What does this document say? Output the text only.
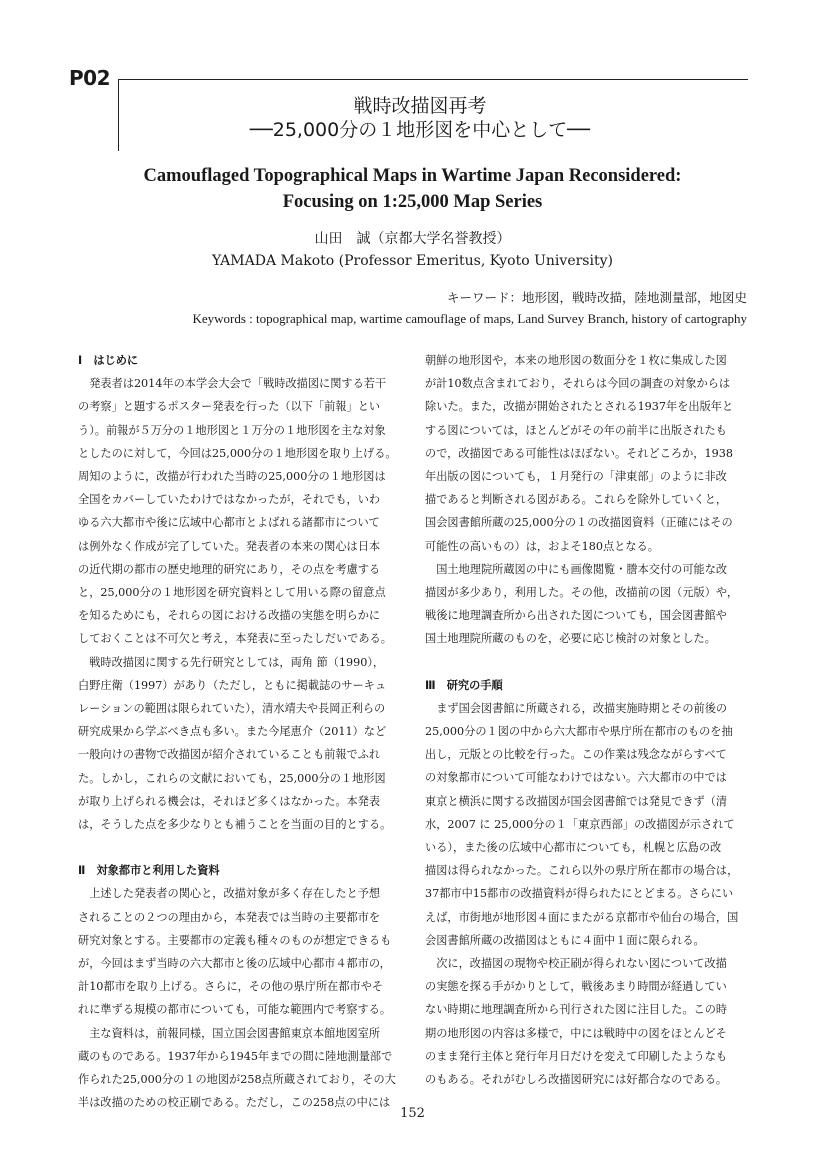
P02
戦時改描図再考
──25,000分の１地形図を中心として──
Camouflaged Topographical Maps in Wartime Japan Reconsidered:
Focusing on 1:25,000 Map Series
山田　誠（京都大学名誉教授）
YAMADA Makoto (Professor Emeritus, Kyoto University)
キーワード：地形図，戦時改描，陸地測量部，地図史
Keywords : topographical map, wartime camouflage of maps, Land Survey Branch, history of cartography
Ⅰ　はじめに

発表者は2014年の本学会大会で「戦時改描図に関する若干
の考察」と題するポスター発表を行った（以下「前報」とい
う）。前報が５万分の１地形図と１万分の１地形図を主な対象
としたのに対して，今回は25,000分の１地形図を取り上げる。
周知のように，改描が行われた当時の25,000分の１地形図は
全国をカバーしていたわけではなかったが，それでも，いわ
ゆる六大都市や後に広域中心都市とよばれる諸都市について
は例外なく作成が完了していた。発表者の本来の関心は日本
の近代期の都市の歴史地理的研究にあり，その点を考慮する
と，25,000分の１地形図を研究資料として用いる際の留意点
を知るためにも，それらの図における改描の実態を明らかに
しておくことは不可欠と考え，本発表に至ったしだいである。

戦時改描図に関する先行研究としては，両角 節（1990），
白野庄衛（1997）があり（ただし，ともに掲載誌のサーキュ
レーションの範囲は限られていた），清水靖夫や長岡正利らの
研究成果から学ぶべき点も多い。また今尾恵介（2011）など
一般向けの書物で改描図が紹介されていることも前報でふれ
た。しかし，これらの文献においても，25,000分の１地形図
が取り上げられる機会は，それほど多くはなかった。本発表
は，そうした点を多少なりとも補うことを当面の目的とする。

Ⅱ　対象都市と利用した資料

上述した発表者の関心と，改描対象が多く存在したと予想
されることの２つの理由から，本発表では当時の主要都市を
研究対象とする。主要都市の定義も種々のものが想定できるも
が，今回はまず当時の六大都市と後の広域中心都市４都市の，
計10都市を取り上げる。さらに，その他の県庁所在都市やそ
れに準ずる規模の都市についても，可能な範囲内で考察する。

主な資料は，前報同様，国立国会図書館東京本館地図室所
蔵のものである。1937年から1945年までの間に陸地測量部で
作られた25,000分の１の地図が258点所蔵されており，その大
半は改描のための校正刷である。ただし，この258点の中には

朝鮮の地形図や，本来の地形図の数面分を１枚に集成した図
が計10数点含まれており，それらは今回の調査の対象からは
除いた。また，改描が開始されたとされる1937年を出版年と
する図については，ほとんどがその年の前半に出版されたも
ので，改描図である可能性はほぼない。それどころか，1938
年出版の図についても，１月発行の「津東部」のように非改
描であると判断される図がある。これらを除外していくと，
国会図書館所蔵の25,000分の１の改描図資料（正確にはその
可能性の高いもの）は，およそ180点となる。

国土地理院所蔵図の中にも画像閲覧・謄本交付の可能な改
描図が多少あり，利用した。その他，改描前の図（元版）や，
戦後に地理調査所から出された図についても，国会図書館や
国土地理院所蔵のものを，必要に応じ検討の対象とした。

Ⅲ　研究の手順

まず国会図書館に所蔵される，改描実施時期とその前後の
25,000分の１図の中から六大都市や県庁所在都市のものを抽
出し，元版との比較を行った。この作業は残念ながらすべて
の対象都市について可能なわけではない。六大都市の中では
東京と横浜に関する改描図が国会図書館では発見できず（清
水，2007 に 25,000分の１「東京西部」の改描図が示されて
いる），また後の広域中心都市についても，札幌と広島の改
描図は得られなかった。これら以外の県庁所在都市の場合は，
37都市中15都市の改描資料が得られたにとどまる。さらにい
えば，市街地が地形図４面にまたがる京都市や仙台の場合，国
会図書館所蔵の改描図はともに４面中１面に限られる。

次に，改描図の現物や校正刷が得られない図について改描
の実態を探る手がかりとして，戦後あまり時間が経過してい
ない時期に地理調査所から刊行された図に注目した。この時
期の地形図の内容は多様で，中には戦時中の図をほとんどそ
のまま発行主体と発行年月日だけを変えて印刷したようなも
のもある。それがむしろ改描図研究には好都合なのである。

152
